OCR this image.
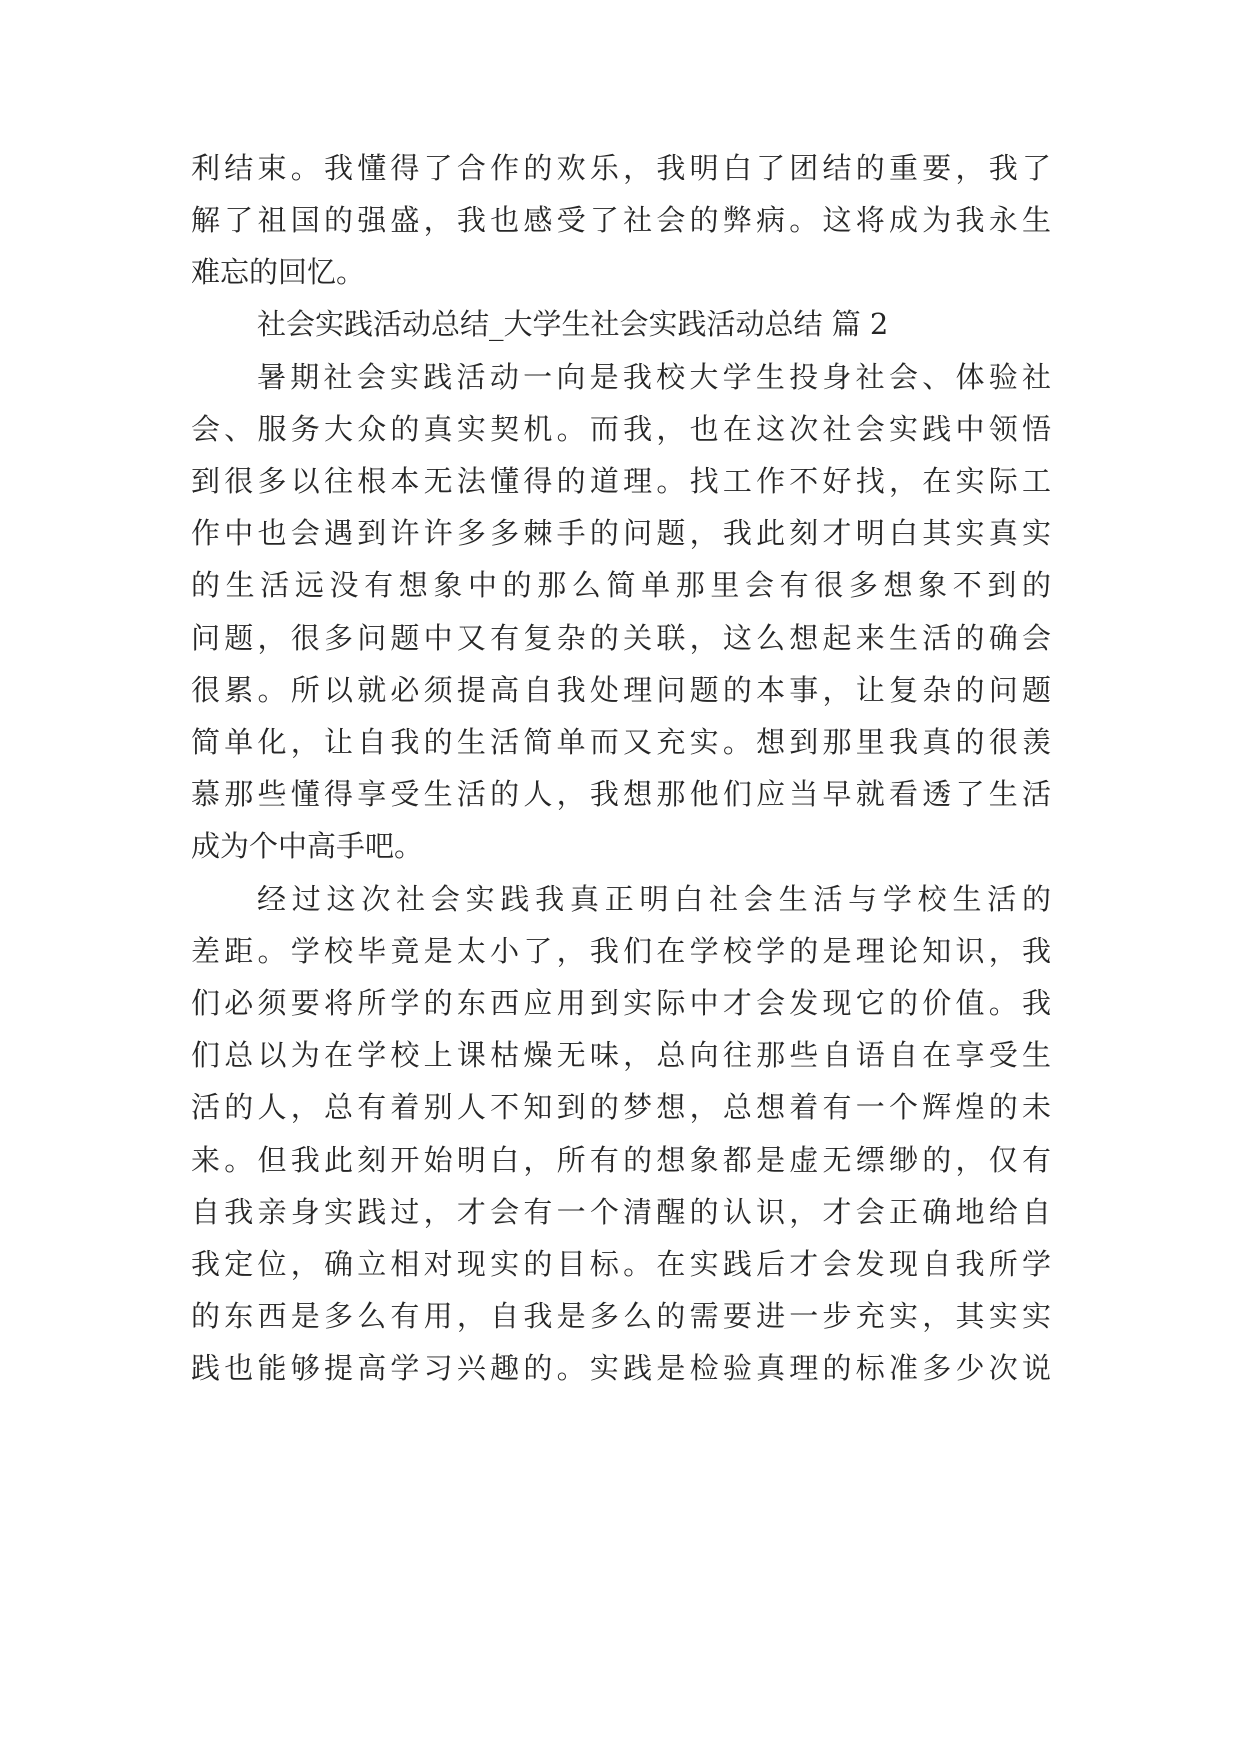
利结束。我懂得了合作的欢乐，我明白了团结的重要，我了
解了祖国的强盛，我也感受了社会的弊病。这将成为我永生
难忘的回忆。
社会实践活动总结_大学生社会实践活动总结 篇 2
暑期社会实践活动一向是我校大学生投身社会、体验社
会、服务大众的真实契机。而我，也在这次社会实践中领悟
到很多以往根本无法懂得的道理。找工作不好找，在实际工
作中也会遇到许许多多棘手的问题，我此刻才明白其实真实
的生活远没有想象中的那么简单那里会有很多想象不到的
问题，很多问题中又有复杂的关联，这么想起来生活的确会
很累。所以就必须提高自我处理问题的本事，让复杂的问题
简单化，让自我的生活简单而又充实。想到那里我真的很羡
慕那些懂得享受生活的人，我想那他们应当早就看透了生活
成为个中高手吧。
经过这次社会实践我真正明白社会生活与学校生活的
差距。学校毕竟是太小了，我们在学校学的是理论知识，我
们必须要将所学的东西应用到实际中才会发现它的价值。我
们总以为在学校上课枯燥无味，总向往那些自语自在享受生
活的人，总有着别人不知到的梦想，总想着有一个辉煌的未
来。但我此刻开始明白，所有的想象都是虚无缥缈的，仅有
自我亲身实践过，才会有一个清醒的认识，才会正确地给自
我定位，确立相对现实的目标。在实践后才会发现自我所学
的东西是多么有用，自我是多么的需要进一步充实，其实实
践也能够提高学习兴趣的。实践是检验真理的标准多少次说
